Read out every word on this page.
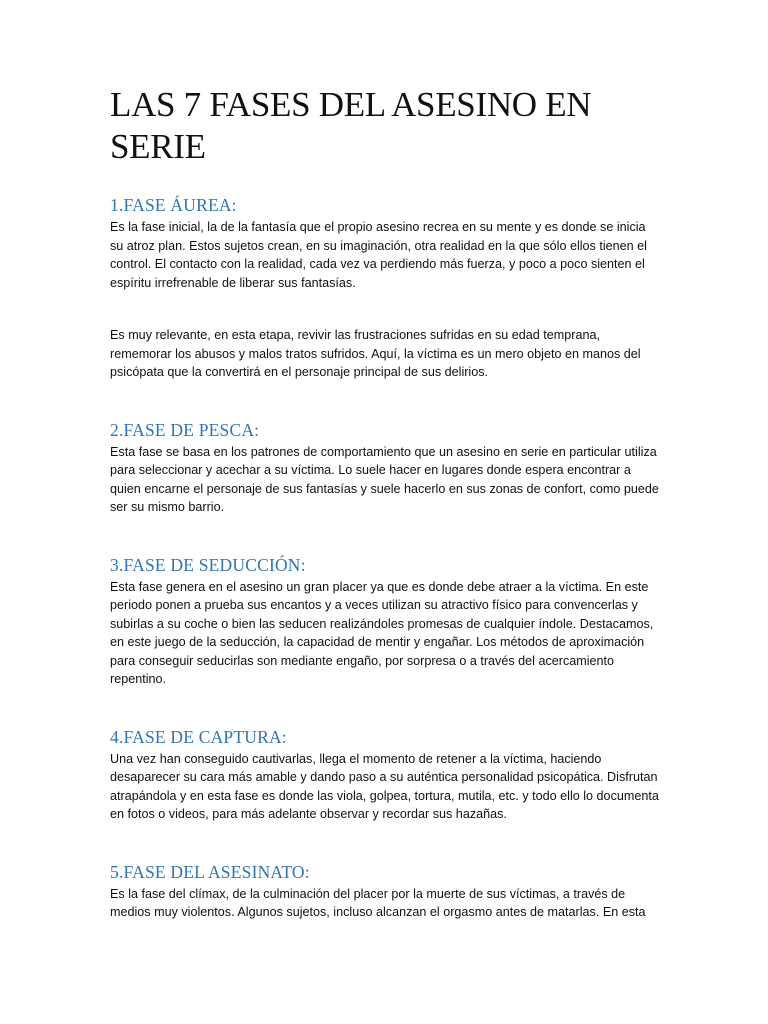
LAS 7 FASES DEL ASESINO EN SERIE
1.FASE ÁUREA:

Es la fase inicial, la de la fantasía que el propio asesino recrea en su mente y es donde se inicia su atroz plan. Estos sujetos crean, en su imaginación, otra realidad en la que sólo ellos tienen el control. El contacto con la realidad, cada vez va perdiendo más fuerza, y poco a poco sienten el espíritu irrefrenable de liberar sus fantasías.

Es muy relevante, en esta etapa, revivir las frustraciones sufridas en su edad temprana, rememorar los abusos y malos tratos sufridos. Aquí, la víctima es un mero objeto en manos del psicópata que la convertirá en el personaje principal de sus delirios.

2.FASE DE PESCA:

Esta fase se basa en los patrones de comportamiento que un asesino en serie en particular utiliza para seleccionar y acechar a su víctima. Lo suele hacer en lugares donde espera encontrar a quien encarne el personaje de sus fantasías y suele hacerlo en sus zonas de confort, como puede ser su mismo barrio.

3.FASE DE SEDUCCIÓN:

Esta fase genera en el asesino un gran placer ya que es donde debe atraer a la víctima. En este periodo ponen a prueba sus encantos y a veces utilizan su atractivo físico para convencerlas y subirlas a su coche o bien las seducen realizándoles promesas de cualquier índole. Destacamos, en este juego de la seducción, la capacidad de mentir y engañar. Los métodos de aproximación para conseguir seducirlas son mediante engaño, por sorpresa o a través del acercamiento repentino.

4.FASE DE CAPTURA:

Una vez han conseguido cautivarlas, llega el momento de retener a la víctima, haciendo desaparecer su cara más amable y dando paso a su auténtica personalidad psicopática. Disfrutan atrapándola y en esta fase es donde las viola, golpea, tortura, mutila, etc. y todo ello lo documenta en fotos o videos, para más adelante observar y recordar sus hazañas.

5.FASE DEL ASESINATO:

Es la fase del clímax, de la culminación del placer por la muerte de sus víctimas, a través de medios muy violentos. Algunos sujetos, incluso alcanzan el orgasmo antes de matarlas. En esta
